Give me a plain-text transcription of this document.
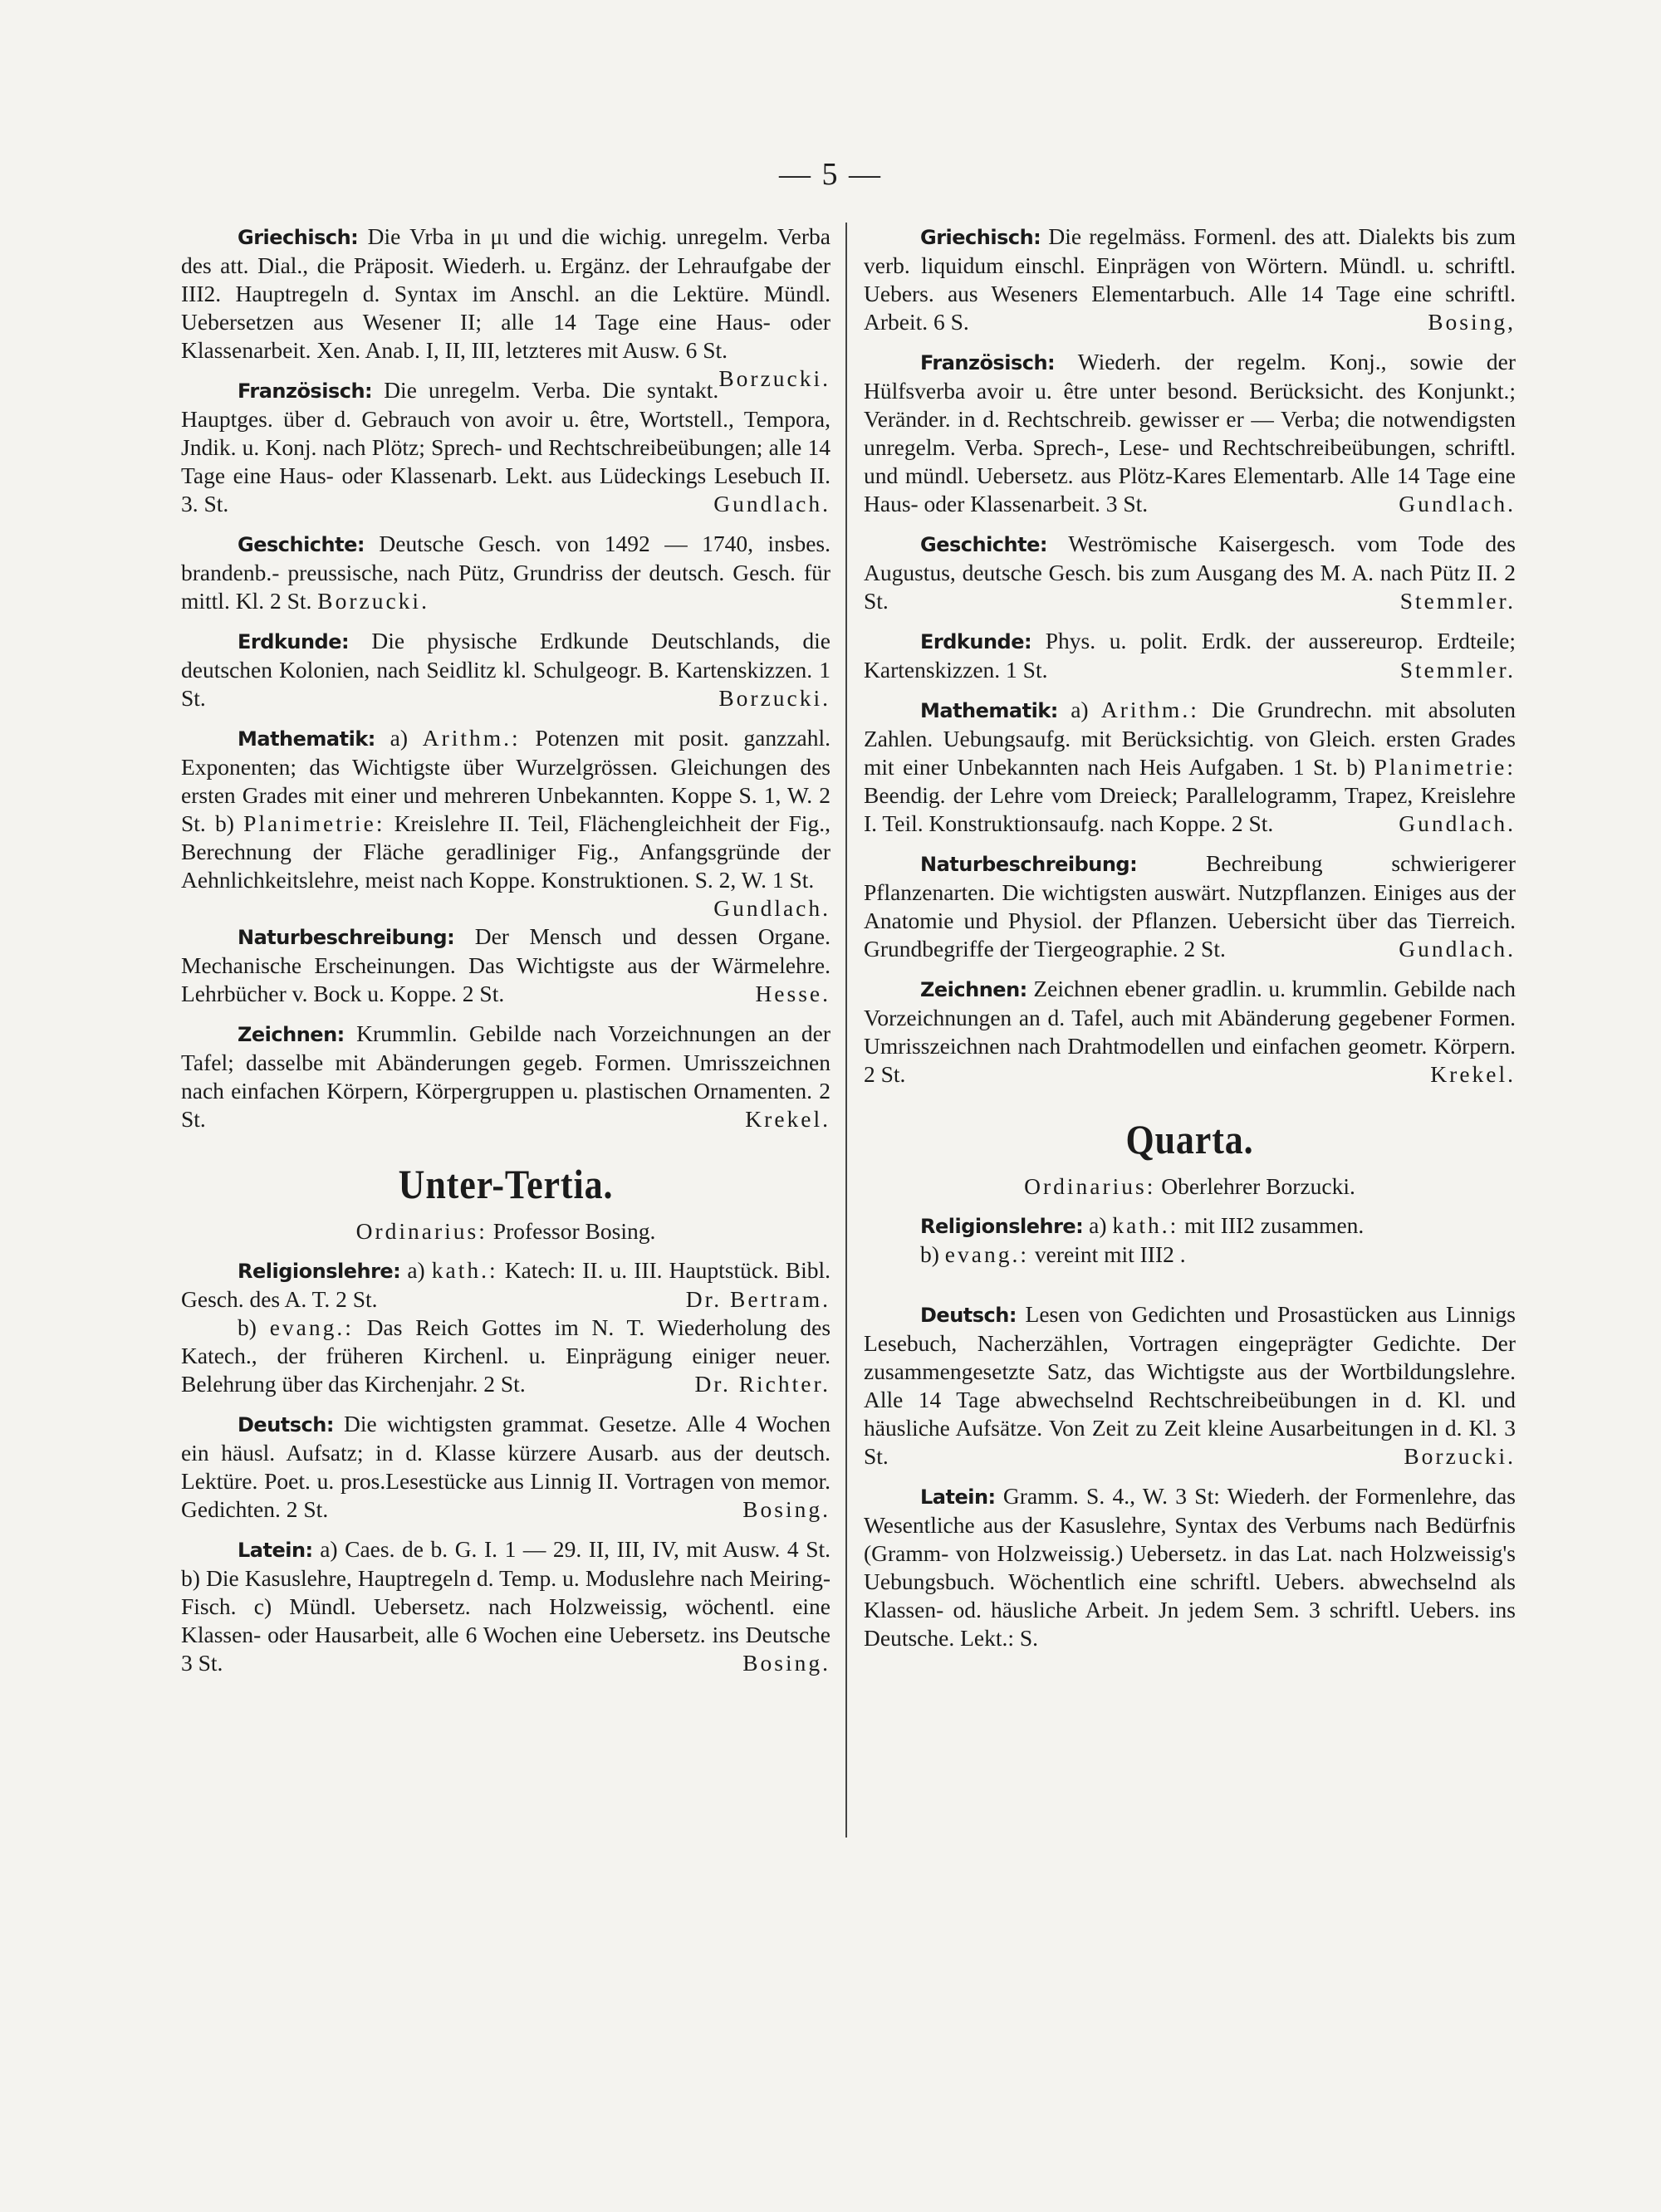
— 5 —

Griechisch: Die Vrba in μι und die wichig. unregelm. Verba des att. Dial., die Präposit. Wiederh. u. Ergänz. der Lehraufgabe der III2. Hauptregeln d. Syntax im Anschl. an die Lektüre. Mündl. Uebersetzen aus Wesener II; alle 14 Tage eine Haus- oder Klassenarbeit. Xen. Anab. I, II, III, letzteres mit Ausw. 6 St.
Borzucki.

Französisch: Die unregelm. Verba. Die syntakt. Hauptges. über d. Gebrauch von avoir u. être, Wortstell., Tempora, Jndik. u. Konj. nach Plötz; Sprech- und Rechtschreibeübungen; alle 14 Tage eine Haus- oder Klassenarb. Lekt. aus Lüdeckings Lesebuch II. 3. St.	Gundlach.

Geschichte: Deutsche Gesch. von 1492 — 1740, insbes. brandenb.- preussische, nach Pütz, Grundriss der deutsch. Gesch. für mittl. Kl. 2 St. Borzucki.

Erdkunde: Die physische Erdkunde Deutschlands, die deutschen Kolonien, nach Seidlitz kl. Schulgeogr. B. Kartenskizzen. 1 St.	Borzucki.

Mathematik: a) Arithm.: Potenzen mit posit. ganzzahl. Exponenten; das Wichtigste über Wurzelgrössen. Gleichungen des ersten Grades mit einer und mehreren Unbekannten. Koppe S. 1, W. 2 St. b) Planimetrie: Kreislehre II. Teil, Flächengleichheit der Fig., Berechnung der Fläche geradliniger Fig., Anfangsgründe der Aehnlichkeitslehre, meist nach Koppe. Konstruktionen. S. 2, W. 1 St.
Gundlach.

Naturbeschreibung: Der Mensch und dessen Organe. Mechanische Erscheinungen. Das Wichtigste aus der Wärmelehre. Lehrbücher v. Bock u. Koppe. 2 St.	Hesse.

Zeichnen: Krummlin. Gebilde nach Vorzeichnungen an der Tafel; dasselbe mit Abänderungen gegeb. Formen. Umrisszeichnen nach einfachen Körpern, Körpergruppen u. plastischen Ornamenten. 2 St.	Krekel.

Unter-Tertia.
Ordinarius: Professor Bosing.

Religionslehre: a) kath.: Katech: II. u. III. Hauptstück. Bibl. Gesch. des A. T. 2 St.	Dr. Bertram.
b) evang.: Das Reich Gottes im N. T. Wiederholung des Katech., der früheren Kirchenl. u. Einprägung einiger neuer. Belehrung über das Kirchenjahr. 2 St.	Dr. Richter.

Deutsch: Die wichtigsten grammat. Gesetze. Alle 4 Wochen ein häusl. Aufsatz; in d. Klasse kürzere Ausarb. aus der deutsch. Lektüre. Poet. u. pros.Lesestücke aus Linnig II. Vortragen von memor. Gedichten. 2 St.	Bosing.

Latein: a) Caes. de b. G. I. 1 — 29. II, III, IV, mit Ausw. 4 St. b) Die Kasuslehre, Hauptregeln d. Temp. u. Moduslehre nach Meiring-Fisch. c) Mündl. Uebersetz. nach Holzweissig, wöchentl. eine Klassen- oder Hausarbeit, alle 6 Wochen eine Uebersetz. ins Deutsche 3 St.	Bosing.

Griechisch: Die regelmäss. Formenl. des att. Dialekts bis zum verb. liquidum einschl. Einprägen von Wörtern. Mündl. u. schriftl. Uebers. aus Weseners Elementarbuch. Alle 14 Tage eine schriftl. Arbeit. 6 S.	Bosing,

Französisch: Wiederh. der regelm. Konj., sowie der Hülfsverba avoir u. être unter besond. Berücksicht. des Konjunkt.; Veränder. in d. Rechtschreib. gewisser er — Verba; die notwendigsten unregelm. Verba. Sprech-, Lese- und Rechtschreibeübungen, schriftl. und mündl. Uebersetz. aus Plötz-Kares Elementarb. Alle 14 Tage eine Haus- oder Klassenarbeit. 3 St.	Gundlach.

Geschichte: Weströmische Kaisergesch. vom Tode des Augustus, deutsche Gesch. bis zum Ausgang des M. A. nach Pütz II. 2 St.	Stemmler.

Erdkunde: Phys. u. polit. Erdk. der aussereurop. Erdteile; Kartenskizzen. 1 St.	Stemmler.

Mathematik: a) Arithm.: Die Grundrechn. mit absoluten Zahlen. Uebungsaufg. mit Berücksichtig. von Gleich. ersten Grades mit einer Unbekannten nach Heis Aufgaben. 1 St. b) Planimetrie: Beendig. der Lehre vom Dreieck; Parallelogramm, Trapez, Kreislehre I. Teil. Konstruktionsaufg. nach Koppe. 2 St.	Gundlach.

Naturbeschreibung:	Bechreibung schwierigerer Pflanzenarten. Die wichtigsten auswärt. Nutzpflanzen. Einiges aus der Anatomie und Physiol. der Pflanzen. Uebersicht über das Tierreich. Grundbegriffe der Tiergeographie. 2 St.	Gundlach.

Zeichnen: Zeichnen ebener gradlin. u. krummlin. Gebilde nach Vorzeichnungen an d. Tafel, auch mit Abänderung gegebener Formen. Umrisszeichnen nach Drahtmodellen und einfachen geometr. Körpern. 2 St.	Krekel.

Quarta.
Ordinarius: Oberlehrer Borzucki.

Religionslehre: a) kath.: mit III2 zusammen.
b) evang.: vereint mit III2 .

Deutsch: Lesen von Gedichten und Prosastücken aus Linnigs Lesebuch, Nacherzählen, Vortragen eingeprägter Gedichte. Der zusammengesetzte Satz, das Wichtigste aus der Wortbildungslehre. Alle 14 Tage abwechselnd Rechtschreibeübungen in d. Kl. und häusliche Aufsätze. Von Zeit zu Zeit kleine Ausarbeitungen in d. Kl. 3 St.	Borzucki.

Latein: Gramm. S. 4., W. 3 St: Wiederh. der Formenlehre, das Wesentliche aus der Kasuslehre, Syntax des Verbums nach Bedürfnis (Gramm- von Holzweissig.) Uebersetz. in das Lat. nach Holzweissig's Uebungsbuch. Wöchentlich eine schriftl. Uebers. abwechselnd als Klassen- od. häusliche Arbeit. Jn jedem Sem. 3 schriftl. Uebers. ins Deutsche. Lekt.: S.
